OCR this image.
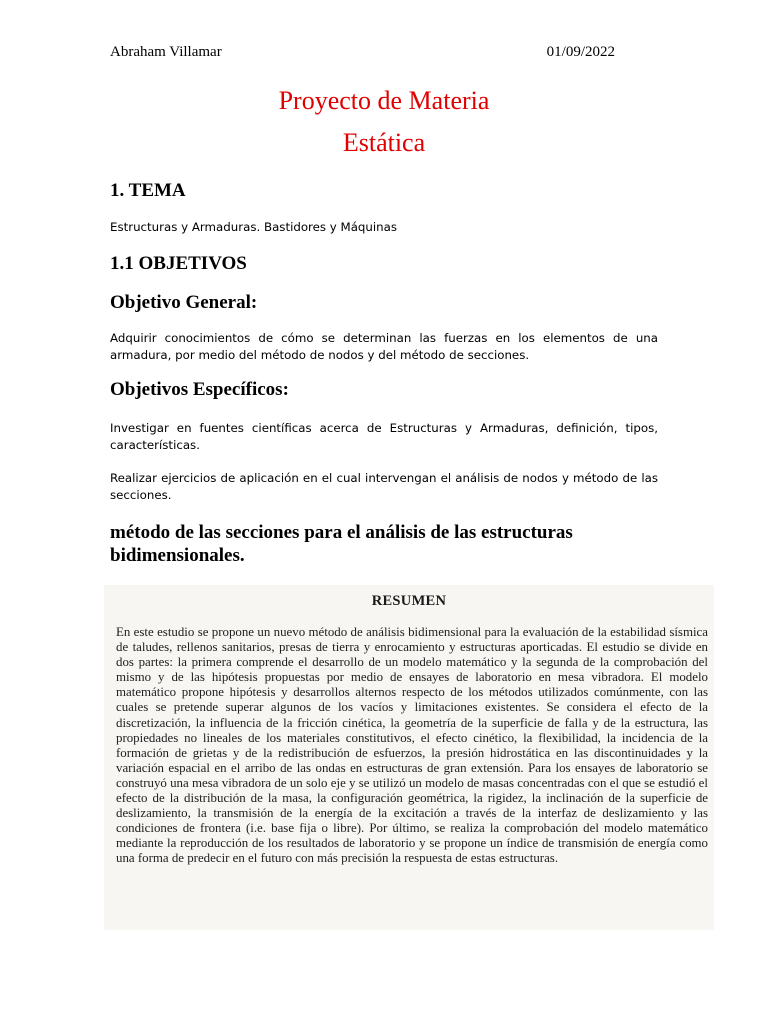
Abraham Villamar	01/09/2022
Proyecto de Materia
Estática
1. TEMA
Estructuras y Armaduras. Bastidores y Máquinas
1.1 OBJETIVOS
Objetivo General:
Adquirir conocimientos de cómo se determinan las fuerzas en los elementos de una armadura, por medio del método de nodos y del método de secciones.
Objetivos Específicos:
Investigar en fuentes científicas acerca de Estructuras y Armaduras, definición, tipos, características.
Realizar ejercicios de aplicación en el cual intervengan el análisis de nodos y método de las secciones.
método de las secciones para el análisis de las estructuras bidimensionales.
RESUMEN
En este estudio se propone un nuevo método de análisis bidimensional para la evaluación de la estabilidad sísmica de taludes, rellenos sanitarios, presas de tierra y enrocamiento y estructuras aporticadas. El estudio se divide en dos partes: la primera comprende el desarrollo de un modelo matemático y la segunda de la comprobación del mismo y de las hipótesis propuestas por medio de ensayes de laboratorio en mesa vibradora. El modelo matemático propone hipótesis y desarrollos alternos respecto de los métodos utilizados comúnmente, con las cuales se pretende superar algunos de los vacíos y limitaciones existentes. Se considera el efecto de la discretización, la influencia de la fricción cinética, la geometría de la superficie de falla y de la estructura, las propiedades no lineales de los materiales constitutivos, el efecto cinético, la flexibilidad, la incidencia de la formación de grietas y de la redistribución de esfuerzos, la presión hidrostática en las discontinuidades y la variación espacial en el arribo de las ondas en estructuras de gran extensión. Para los ensayes de laboratorio se construyó una mesa vibradora de un solo eje y se utilizó un modelo de masas concentradas con el que se estudió el efecto de la distribución de la masa, la configuración geométrica, la rigidez, la inclinación de la superficie de deslizamiento, la transmisión de la energía de la excitación a través de la interfaz de deslizamiento y las condiciones de frontera (i.e. base fija o libre). Por último, se realiza la comprobación del modelo matemático mediante la reproducción de los resultados de laboratorio y se propone un índice de transmisión de energía como una forma de predecir en el futuro con más precisión la respuesta de estas estructuras.
